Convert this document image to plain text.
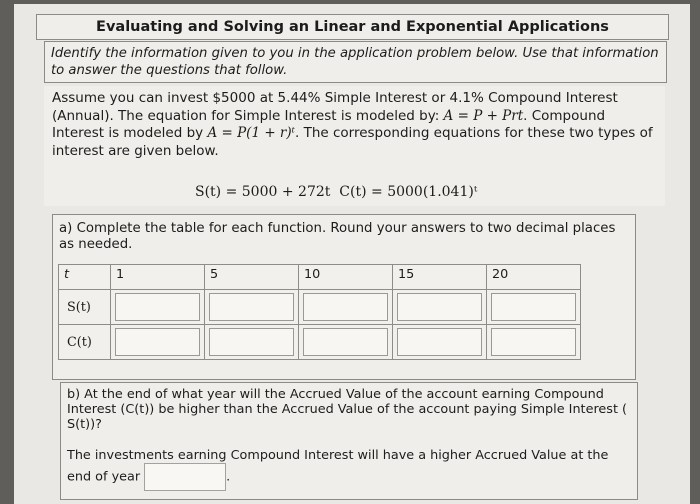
Evaluating and Solving an Linear and Exponential Applications
Identify the information given to you in the application problem below. Use that information to answer the questions that follow.
Assume you can invest $5000 at 5.44% Simple Interest or 4.1% Compound Interest (Annual). The equation for Simple Interest is modeled by: A = P + Prt. Compound Interest is modeled by A = P(1 + r)ᵗ. The corresponding equations for these two types of interest are given below.
S(t) = 5000 + 272t C(t) = 5000(1.041)ᵗ
a) Complete the table for each function. Round your answers to two decimal places as needed.
t	1	5	10	15	20
S(t)	

C(t)	

b) At the end of what year will the Accrued Value of the account earning Compound Interest (C(t)) be higher than the Accrued Value of the account paying Simple Interest ( S(t))?
The investments earning Compound Interest will have a higher Accrued Value at the end of year	.
